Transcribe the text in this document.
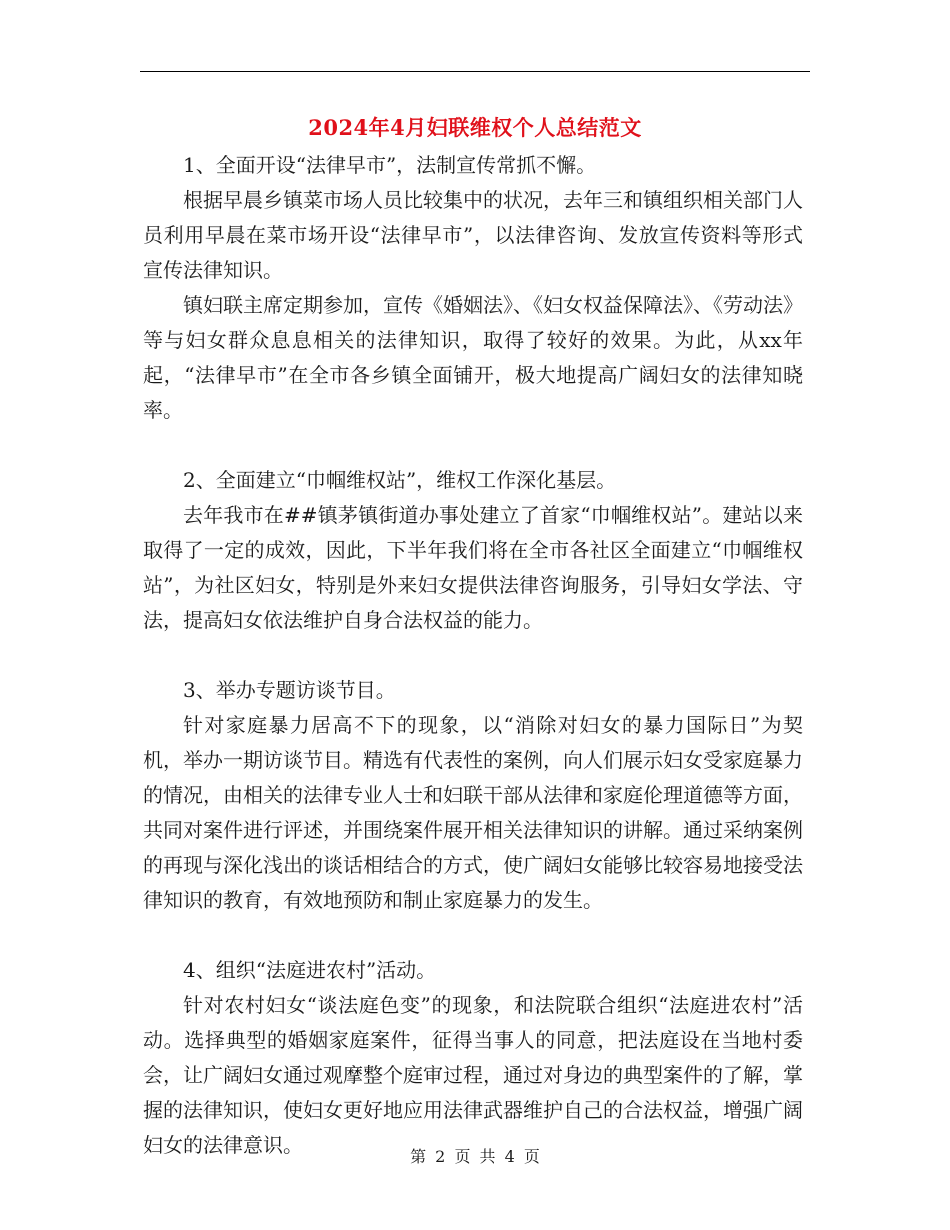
2024年4月妇联维权个人总结范文

1、全面开设“法律早市”，法制宣传常抓不懈。

根据早晨乡镇菜市场人员比较集中的状况，去年三和镇组织相关部门人员利用早晨在菜市场开设“法律早市”，以法律咨询、发放宣传资料等形式宣传法律知识。

镇妇联主席定期参加，宣传《婚姻法》、《妇女权益保障法》、《劳动法》等与妇女群众息息相关的法律知识，取得了较好的效果。为此，从xx年起，“法律早市”在全市各乡镇全面铺开，极大地提高广阔妇女的法律知晓率。

2、全面建立“巾帼维权站”，维权工作深化基层。

去年我市在##镇茅镇街道办事处建立了首家“巾帼维权站”。建站以来取得了一定的成效，因此，下半年我们将在全市各社区全面建立“巾帼维权站”，为社区妇女，特别是外来妇女提供法律咨询服务，引导妇女学法、守法，提高妇女依法维护自身合法权益的能力。

3、举办专题访谈节目。

针对家庭暴力居高不下的现象，以“消除对妇女的暴力国际日”为契机，举办一期访谈节目。精选有代表性的案例，向人们展示妇女受家庭暴力的情况，由相关的法律专业人士和妇联干部从法律和家庭伦理道德等方面，共同对案件进行评述，并围绕案件展开相关法律知识的讲解。通过采纳案例的再现与深化浅出的谈话相结合的方式，使广阔妇女能够比较容易地接受法律知识的教育，有效地预防和制止家庭暴力的发生。

4、组织“法庭进农村”活动。

针对农村妇女“谈法庭色变”的现象，和法院联合组织“法庭进农村”活动。选择典型的婚姻家庭案件，征得当事人的同意，把法庭设在当地村委会，让广阔妇女通过观摩整个庭审过程，通过对身边的典型案件的了解，掌握的法律知识，使妇女更好地应用法律武器维护自己的合法权益，增强广阔妇女的法律意识。	第 2 页 共 4 页
